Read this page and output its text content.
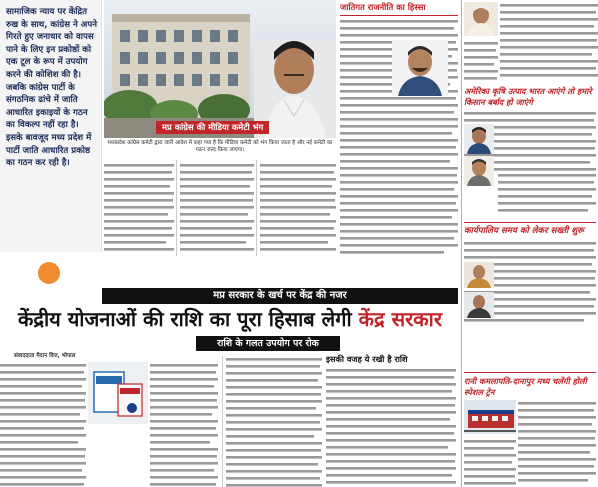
सामाजिक न्याय पर केंद्रित रुख के साथ, कांग्रेस ने अपने गिरते हुए जनाधार को वापस पाने के लिए इन प्रकोष्ठों को एक टूल के रूप में उपयोग करने की कोशिश की है। जबकि कांग्रेस पार्टी के संगठनिक ढांचे में जाति आधारित इकाइयों के गठन का विकल्प नहीं रहा है। इसके बावजूद मध्य प्रदेश में पार्टी जाति आधारित प्रकोष्ठ का गठन कर रही है।
मप्र कांग्रेस की मीडिया कमेटी भंग
मध्यप्रदेश कांग्रेस कमेटी द्वारा जारी आदेश में कहा गया है कि मीडिया कमेटी को भंग किया जाता है और नई कमेटी का गठन जल्द किया जाएगा।
जातिगत राजनीति का हिस्सा
मप्र सरकार के खर्च पर केंद्र की नजर
केंद्रीय योजनाओं की राशि का पूरा हिसाब लेगी केंद्र सरकार
राशि के गलत उपयोग पर रोक
संवाददाता मैदान वित्त, भोपाल	इसकी वजह ये रखी है राशि
अमेरिका कृषि उत्पाद भारत आएंगे तो हमारे किसान बर्बाद हो जाएंगे
कार्यपालिय समय को लेकर सख्ती शुरू
रानी कमलापति-दानापुर मध्य चलेंगी होली स्पेशल ट्रेन
